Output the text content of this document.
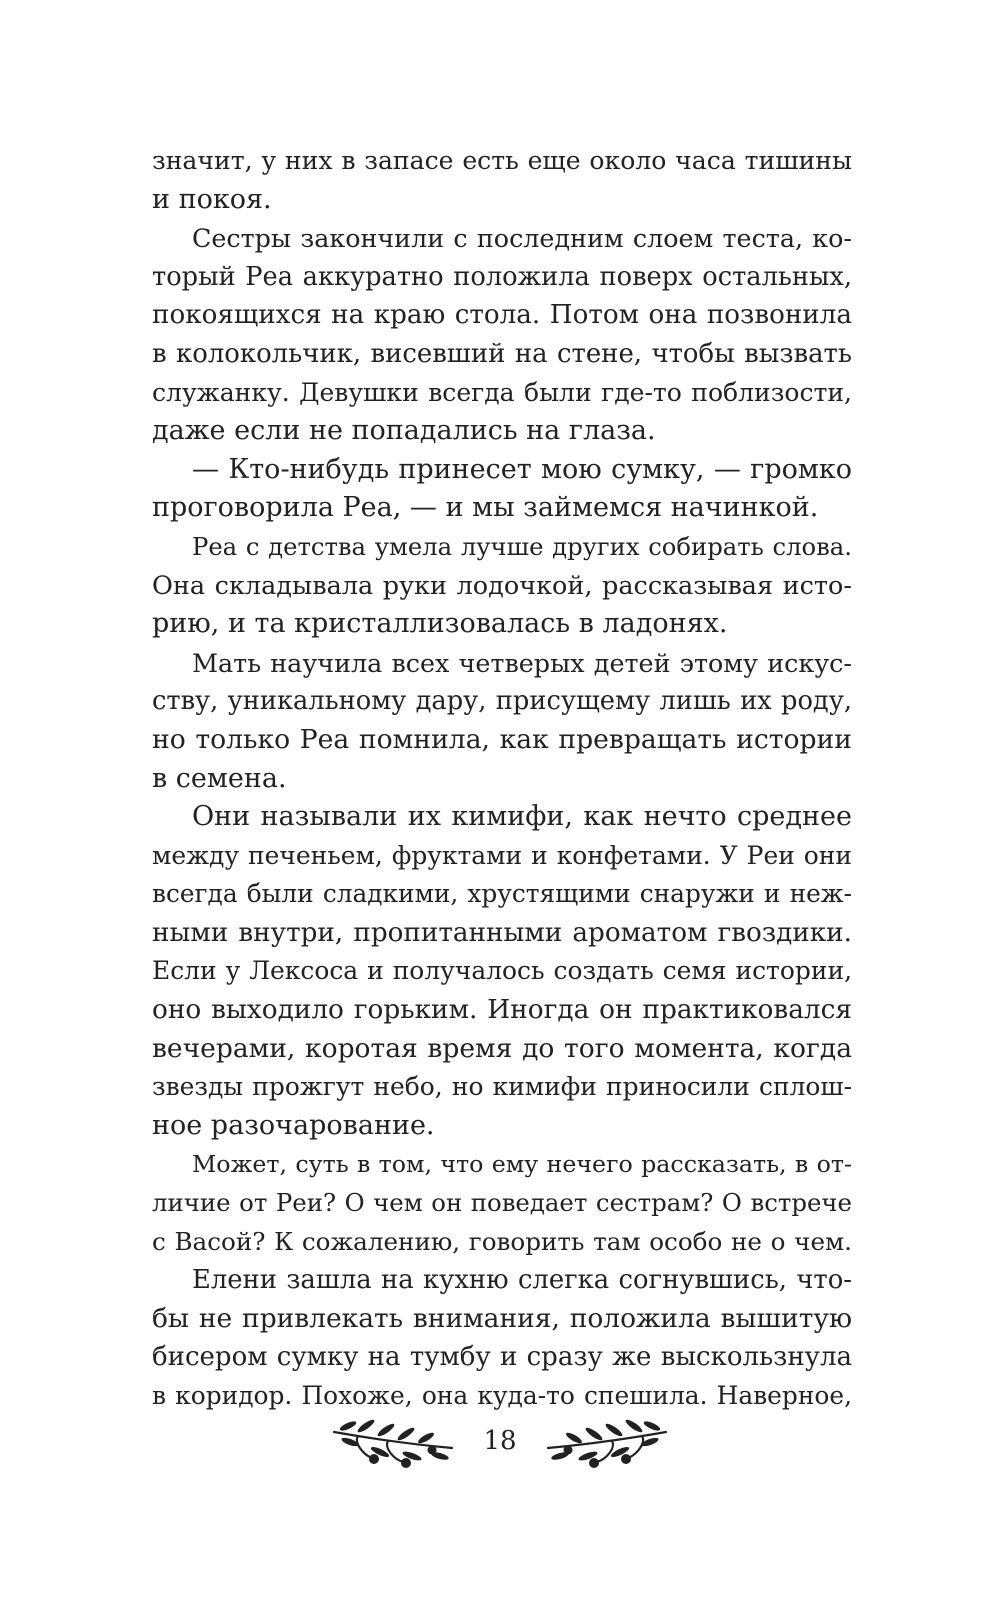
значит, у них в запасе есть еще около часа тишины
и покоя.
Сестры закончили с последним слоем теста, ко-
торый Реа аккуратно положила поверх остальных,
покоящихся на краю стола. Потом она позвонила
в колокольчик, висевший на стене, чтобы вызвать
служанку. Девушки всегда были где-то поблизости,
даже если не попадались на глаза.
— Кто-нибудь принесет мою сумку, — громко
проговорила Реа, — и мы займемся начинкой.
Реа с детства умела лучше других собирать слова.
Она складывала руки лодочкой, рассказывая исто-
рию, и та кристаллизовалась в ладонях.
Мать научила всех четверых детей этому искус-
ству, уникальному дару, присущему лишь их роду,
но только Реа помнила, как превращать истории
в семена.
Они называли их кимифи, как нечто среднее
между печеньем, фруктами и конфетами. У Реи они
всегда были сладкими, хрустящими снаружи и неж-
ными внутри, пропитанными ароматом гвоздики.
Если у Лексоса и получалось создать семя истории,
оно выходило горьким. Иногда он практиковался
вечерами, коротая время до того момента, когда
звезды прожгут небо, но кимифи приносили сплош-
ное разочарование.
Может, суть в том, что ему нечего рассказать, в от-
личие от Реи? О чем он поведает сестрам? О встрече
с Васой? К сожалению, говорить там особо не о чем.
Елени зашла на кухню слегка согнувшись, что-
бы не привлекать внимания, положила вышитую
бисером сумку на тумбу и сразу же выскользнула
в коридор. Похоже, она куда-то спешила. Наверное,
18
